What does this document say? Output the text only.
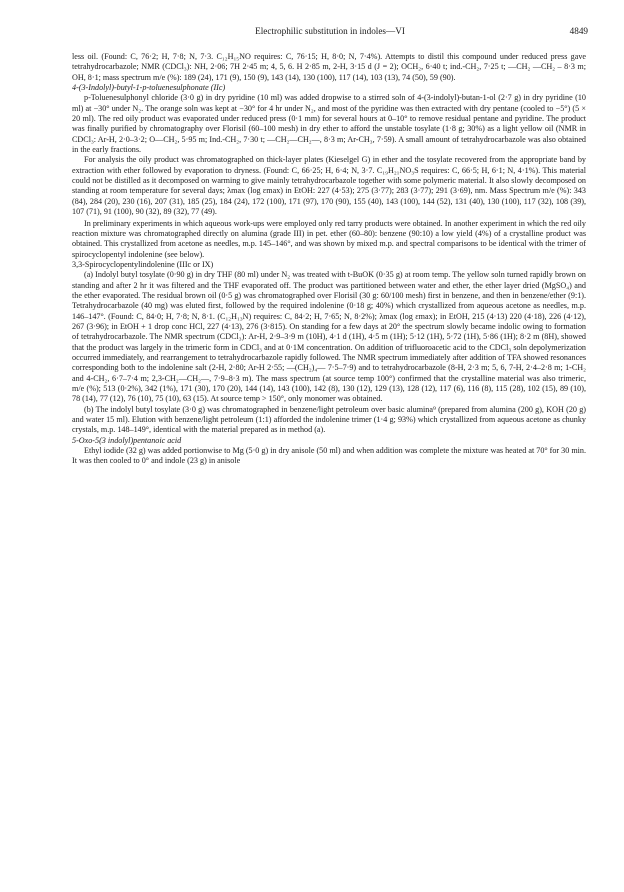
Electrophilic substitution in indoles—VI	4849

less oil. (Found: C, 76·2; H, 7·8; N, 7·3. C₁₂H₁₅NO requires: C, 76·15; H, 8·0; N, 7·4%). Attempts to distil this compound under reduced press gave tetrahydrocarbazole; NMR (CDCl₃): NH, 2·06; 7H 2·45 m; 4, 5, 6. H 2·85 m, 2-H, 3·15 d (J = 2); OCH₂, 6·40 t; ind.-CH₂, 7·25 t; —CH₂ —CH₂ – 8·3 m; OH, 8·1; mass spectrum m/e (%): 189 (24), 171 (9), 150 (9), 143 (14), 130 (100), 117 (14), 103 (13), 74 (50), 59 (90).

4-(3-Indolyl)-butyl-1-p-toluenesulphonate (IIc)

p-Toluenesulphonyl chloride (3·0 g) in dry pyridine (10 ml) was added dropwise to a stirred soln of 4-(3-indolyl)-butan-1-ol (2·7 g) in dry pyridine (10 ml) at −30° under N₂. The orange soln was kept at −30° for 4 hr under N₂, and most of the pyridine was then extracted with dry pentane (cooled to −5°) (5 × 20 ml). The red oily product was evaporated under reduced press (0·1 mm) for several hours at 0–10° to remove residual pentane and pyridine. The product was finally purified by chromatography over Florisil (60–100 mesh) in dry ether to afford the unstable tosylate (1·8 g; 30%) as a light yellow oil (NMR in CDCl₃: Ar-H, 2·0–3·2; O—CH₂, 5·95 m; Ind.-CH₂, 7·30 t; —CH₂—CH₂—, 8·3 m; Ar-CH₃, 7·59). A small amount of tetrahydrocarbazole was also obtained in the early fractions.

For analysis the oily product was chromatographed on thick-layer plates (Kieselgel G) in ether and the tosylate recovered from the appropriate band by extraction with ether followed by evaporation to dryness. (Found: C, 66·25; H, 6·4; N, 3·7. C₁₉H₂₁NO₃S requires: C, 66·5; H, 6·1; N, 4·1%). This material could not be distilled as it decomposed on warming to give mainly tetrahydrocarbazole together with some polymeric material. It also slowly decomposed on standing at room temperature for several days; λmax (log εmax) in EtOH: 227 (4·53); 275 (3·77); 283 (3·77); 291 (3·69), nm. Mass Spectrum m/e (%): 343 (84), 284 (20), 230 (16), 207 (31), 185 (25), 184 (24), 172 (100), 171 (97), 170 (90), 155 (40), 143 (100), 144 (52), 131 (40), 130 (100), 117 (32), 108 (39), 107 (71), 91 (100), 90 (32), 89 (32), 77 (49).

In preliminary experiments in which aqueous work-ups were employed only red tarry products were obtained. In another experiment in which the red oily reaction mixture was chromatographed directly on alumina (grade III) in pet. ether (60–80): benzene (90:10) a low yield (4%) of a crystalline product was obtained. This crystallized from acetone as needles, m.p. 145–146°, and was shown by mixed m.p. and spectral comparisons to be identical with the trimer of spirocyclopentyl indolenine (see below).

3,3-Spirocyclopentylindolenine (IIIc or IX)

(a) Indolyl butyl tosylate (0·90 g) in dry THF (80 ml) under N₂ was treated with t-BuOK (0·35 g) at room temp. The yellow soln turned rapidly brown on standing and after 2 hr it was filtered and the THF evaporated off. The product was partitioned between water and ether, the ether layer dried (MgSO₄) and the ether evaporated. The residual brown oil (0·5 g) was chromatographed over Florisil (30 g: 60/100 mesh) first in benzene, and then in benzene/ether (9:1). Tetrahydrocarbazole (40 mg) was eluted first, followed by the required indolenine (0·18 g; 40%) which crystallized from aqueous acetone as needles, m.p. 146–147°. (Found: C, 84·0; H, 7·8; N, 8·1. (C₁₂H₁₃N) requires: C, 84·2; H, 7·65; N, 8·2%); λmax (log εmax); in EtOH, 215 (4·13) 220 (4·18), 226 (4·12), 267 (3·96); in EtOH + 1 drop conc HCl, 227 (4·13), 276 (3·815). On standing for a few days at 20° the spectrum slowly became indolic owing to formation of tetrahydrocarbazole. The NMR spectrum (CDCl₃): Ar-H, 2·9–3·9 m (10H), 4·1 d (1H), 4·5 m (1H); 5·12 (1H), 5·72 (1H), 5·86 (1H); 8·2 m (8H), showed that the product was largely in the trimeric form in CDCl₃ and at 0·1M concentration. On addition of trifluoroacetic acid to the CDCl₃ soln depolymerization occurred immediately, and rearrangement to tetrahydrocarbazole rapidly followed. The NMR spectrum immediately after addition of TFA showed resonances corresponding both to the indolenine salt (2-H, 2·80; Ar-H 2·55; —(CH₂)₄— 7·5–7·9) and to tetrahydrocarbazole (8-H, 2·3 m; 5, 6, 7-H, 2·4–2·8 m; 1-CH₂ and 4-CH₂, 6·7–7·4 m; 2,3-CH₂—CH₂—, 7·9–8·3 m). The mass spectrum (at source temp 100°) confirmed that the crystalline material was also trimeric, m/e (%); 513 (0·2%), 342 (1%), 171 (30), 170 (20), 144 (14), 143 (100), 142 (8), 130 (12), 129 (13), 128 (12), 117 (6), 116 (8), 115 (28), 102 (15), 89 (10), 78 (14), 77 (12), 76 (10), 75 (10), 63 (15). At source temp > 150°, only monomer was obtained.

(b) The indolyl butyl tosylate (3·0 g) was chromatographed in benzene/light petroleum over basic alumina⁹ (prepared from alumina (200 g), KOH (20 g) and water 15 ml). Elution with benzene/light petroleum (1:1) afforded the indolenine trimer (1·4 g; 93%) which crystallized from aqueous acetone as chunky crystals, m.p. 148–149°, identical with the material prepared as in method (a).

5-Oxo-5(3 indolyl)pentanoic acid

Ethyl iodide (32 g) was added portionwise to Mg (5·0 g) in dry anisole (50 ml) and when addition was complete the mixture was heated at 70° for 30 min. It was then cooled to 0° and indole (23 g) in anisole
